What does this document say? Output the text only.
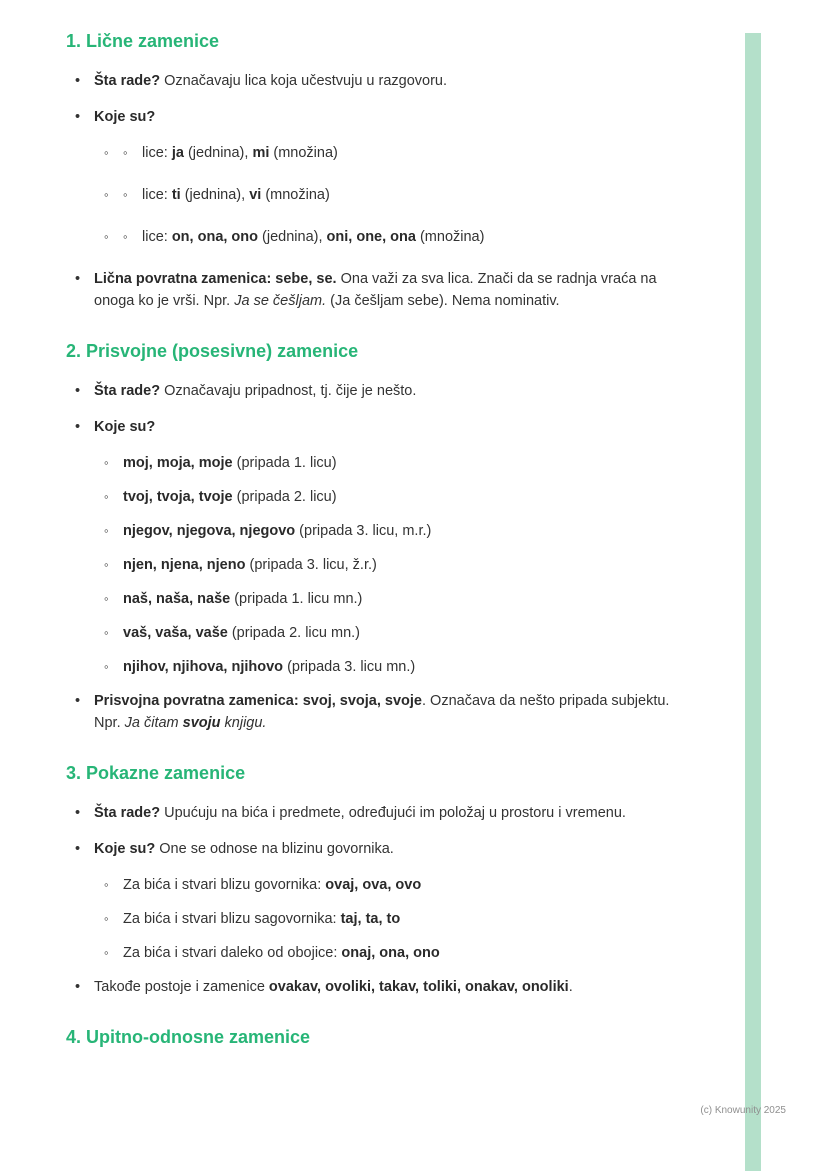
1. Lične zamenice
• Šta rade? Označavaju lica koja učestvuju u razgovoru.
• Koje su?
◦	◦ lice: ja (jednina), mi (množina)
◦	◦ lice: ti (jednina), vi (množina)
◦	◦ lice: on, ona, ono (jednina), oni, one, ona (množina)
• Lična povratna zamenica: sebe, se. Ona važi za sva lica. Znači da se radnja vraća na onoga ko je vrši. Npr. Ja se češljam. (Ja češljam sebe). Nema nominativ.
2. Prisvojne (posesivne) zamenice
• Šta rade? Označavaju pripadnost, tj. čije je nešto.
• Koje su?
◦ moj, moja, moje (pripada 1. licu)
◦ tvoj, tvoja, tvoje (pripada 2. licu)
◦ njegov, njegova, njegovo (pripada 3. licu, m.r.)
◦ njen, njena, njeno (pripada 3. licu, ž.r.)
◦ naš, naša, naše (pripada 1. licu mn.)
◦ vaš, vaša, vaše (pripada 2. licu mn.)
◦ njihov, njihova, njihovo (pripada 3. licu mn.)
• Prisvojna povratna zamenica: svoj, svoja, svoje. Označava da nešto pripada subjektu. Npr. Ja čitam svoju knjigu.
3. Pokazne zamenice
• Šta rade? Upućuju na bića i predmete, određujući im položaj u prostoru i vremenu.
• Koje su? One se odnose na blizinu govornika.
◦ Za bića i stvari blizu govornika: ovaj, ova, ovo
◦ Za bića i stvari blizu sagovornika: taj, ta, to
◦ Za bića i stvari daleko od obojice: onaj, ona, ono
• Takođe postoje i zamenice ovakav, ovoliki, takav, toliki, onakav, onoliki.
4. Upitno-odnosne zamenice
(c) Knowunity 2025
